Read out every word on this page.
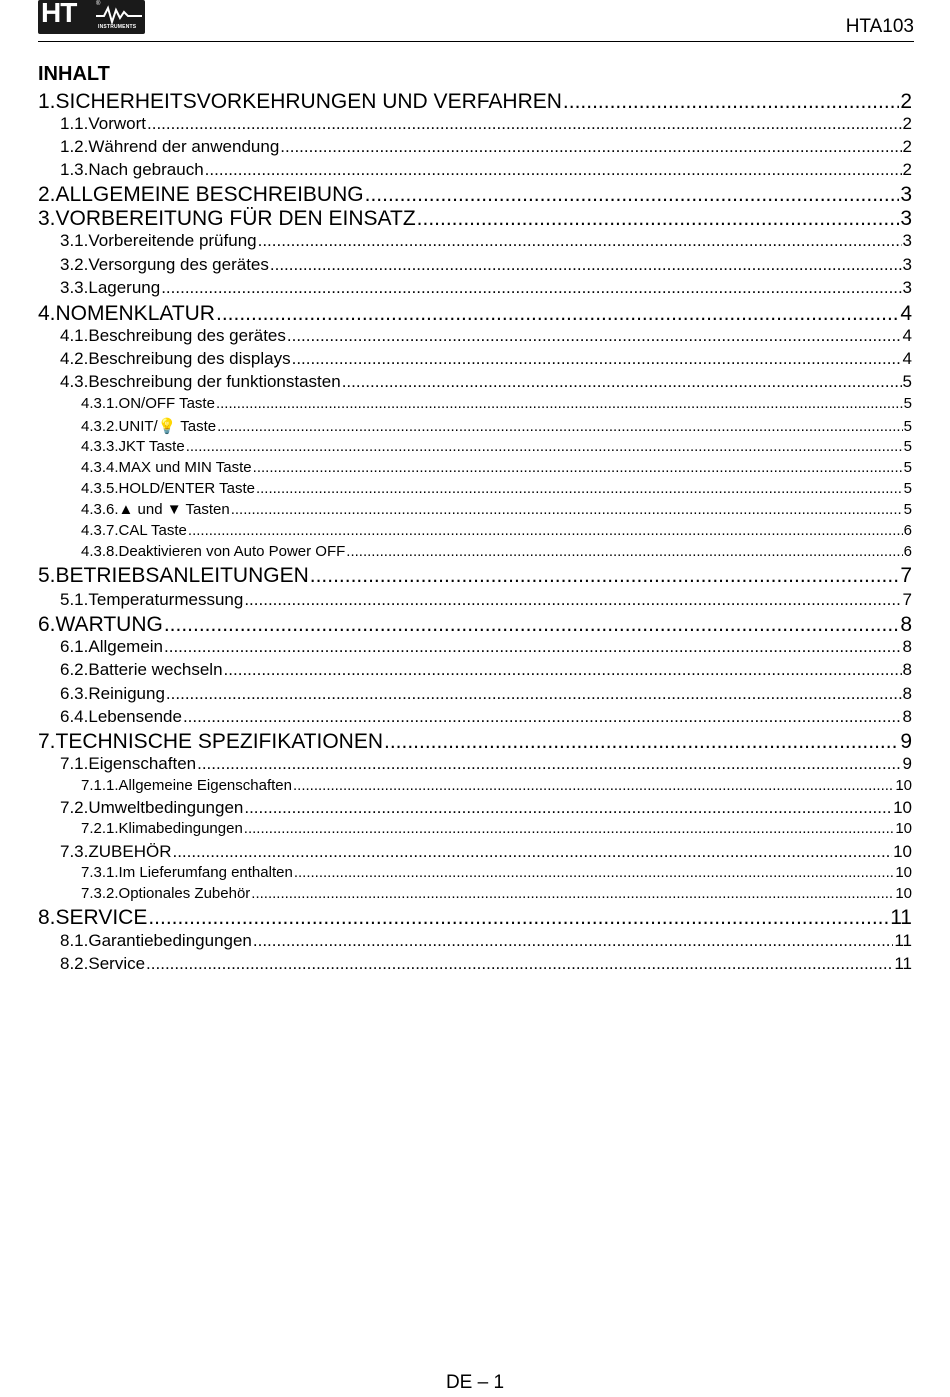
HT	®
INSTRUMENTS	HTA103
INHALT
1. SICHERHEITSVORKEHRUNGEN UND VERFAHREN .....	2
1.1. Vorwort .....	2
1.2. Während der anwendung .....	2
1.3. Nach gebrauch .....	2
2. ALLGEMEINE BESCHREIBUNG .....	3
3. VORBEREITUNG FÜR DEN EINSATZ .....	3
3.1. Vorbereitende prüfung .....	3
3.2. Versorgung des gerätes .....	3
3.3. Lagerung .....	3
4. NOMENKLATUR .....	4
4.1. Beschreibung des gerätes .....	4
4.2. Beschreibung des displays .....	4
4.3. Beschreibung der funktionstasten .....	5
4.3.1. ON/OFF Taste .....	5
4.3.2. UNIT/💡 Taste .....	5
4.3.3. JKT Taste .....	5
4.3.4. MAX und MIN Taste .....	5
4.3.5. HOLD/ENTER Taste .....	5
4.3.6. ▲ und ▼ Tasten .....	5
4.3.7. CAL Taste .....	6
4.3.8. Deaktivieren von Auto Power OFF .....	6
5. BETRIEBSANLEITUNGEN .....	7
5.1. Temperaturmessung .....	7
6. WARTUNG .....	8
6.1. Allgemein .....	8
6.2. Batterie wechseln .....	8
6.3. Reinigung .....	8
6.4. Lebensende .....	8
7. TECHNISCHE SPEZIFIKATIONEN .....	9
7.1. Eigenschaften .....	9
7.1.1. Allgemeine Eigenschaften .....	10
7.2. Umweltbedingungen .....	10
7.2.1. Klimabedingungen .....	10
7.3. ZUBEHÖR .....	10
7.3.1. Im Lieferumfang enthalten .....	10
7.3.2. Optionales Zubehör .....	10
8. SERVICE .....	11
8.1. Garantiebedingungen .....	11
8.2. Service .....	11
DE – 1
